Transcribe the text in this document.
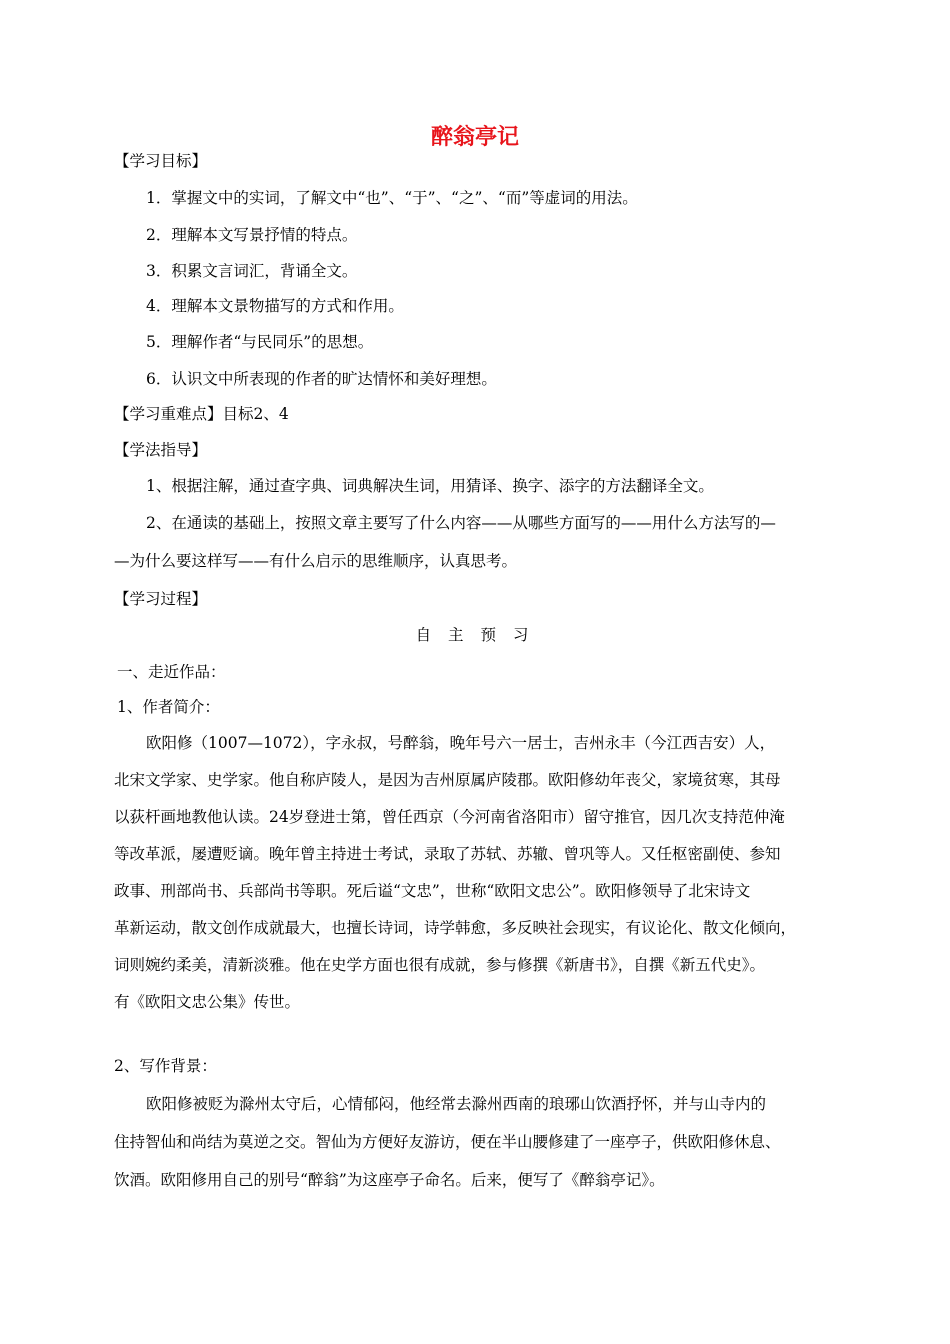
醉翁亭记
【学习目标】
1．掌握文中的实词，了解文中“也”、“于”、“之”、“而”等虚词的用法。
2．理解本文写景抒情的特点。
3．积累文言词汇，背诵全文。
4．理解本文景物描写的方式和作用。
5．理解作者“与民同乐”的思想。
6．认识文中所表现的作者的旷达情怀和美好理想。
【学习重难点】目标2、4
【学法指导】
1、根据注解，通过查字典、词典解决生词，用猜译、换字、添字的方法翻译全文。
2、在通读的基础上，按照文章主要写了什么内容——从哪些方面写的——用什么方法写的—
—为什么要这样写——有什么启示的思维顺序，认真思考。
【学习过程】
自 主 预 习
一、走近作品：
1、作者简介：
欧阳修（1007—1072），字永叔，号醉翁，晚年号六一居士，吉州永丰（今江西吉安）人，
北宋文学家、史学家。他自称庐陵人，是因为吉州原属庐陵郡。欧阳修幼年丧父，家境贫寒，其母
以荻杆画地教他认读。24岁登进士第，曾任西京（今河南省洛阳市）留守推官，因几次支持范仲淹
等改革派，屡遭贬谪。晚年曾主持进士考试，录取了苏轼、苏辙、曾巩等人。又任枢密副使、参知
政事、刑部尚书、兵部尚书等职。死后谥“文忠”，世称“欧阳文忠公”。欧阳修领导了北宋诗文
革新运动，散文创作成就最大，也擅长诗词，诗学韩愈，多反映社会现实，有议论化、散文化倾向，
词则婉约柔美，清新淡雅。他在史学方面也很有成就，参与修撰《新唐书》，自撰《新五代史》。
有《欧阳文忠公集》传世。
2、写作背景：
欧阳修被贬为滁州太守后，心情郁闷，他经常去滁州西南的琅琊山饮酒抒怀，并与山寺内的
住持智仙和尚结为莫逆之交。智仙为方便好友游访，便在半山腰修建了一座亭子，供欧阳修休息、
饮酒。欧阳修用自己的别号“醉翁”为这座亭子命名。后来，便写了《醉翁亭记》。
